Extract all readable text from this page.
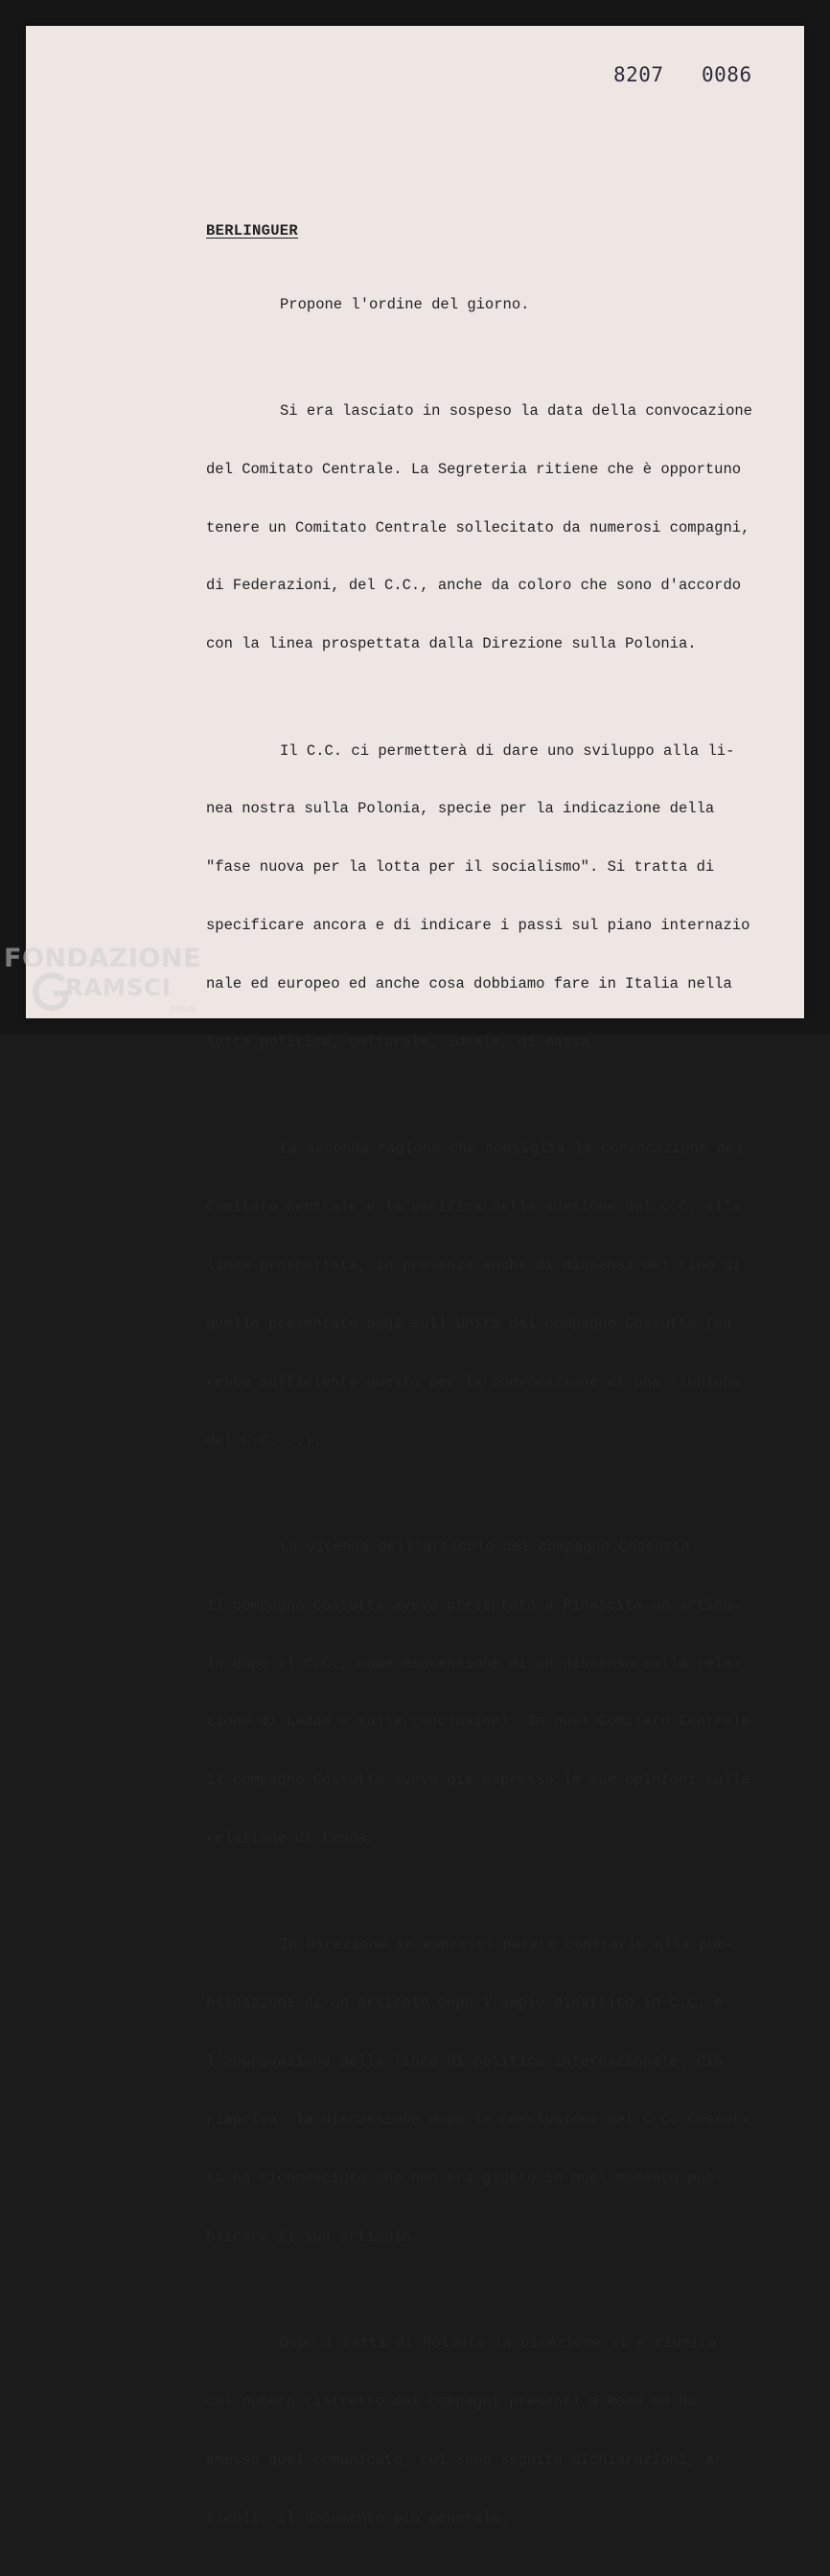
8207 0086
BERLINGUER

Propone l'ordine del giorno.

Si era lasciato in sospeso la data della convocazione

del Comitato Centrale. La Segreteria ritiene che è opportuno

tenere un Comitato Centrale sollecitato da numerosi compagni,

di Federazioni, del C.C., anche da coloro che sono d'accordo

con la linea prospettata dalla Direzione sulla Polonia.

Il C.C. ci permetterà di dare uno sviluppo alla li-

nea nostra sulla Polonia, specie per la indicazione della

"fase nuova per la lotta per il socialismo". Si tratta di

specificare ancora e di indicare i passi sul piano internazio

nale ed europeo ed anche cosa dobbiamo fare in Italia nella

lotta politica, culturale, ideale, di massa.

La seconda ragione che consiglia la convocazione del

Comitato Centrale è la verifica della adesione del C.C. alla

linea prospettata, in presenza anche di dissensi del tipo di

quello presentato oggi sull'Unità dal compagno Cossutta (sa-

rebbe sufficiente questo per la convocazione di una riunione

del C.C....).

La vicenda dell'articolo del compagno Cossutta.

Il compagno Cossutta aveva presentato a Rinascita un artico-

lo dopo il C.C., come espressione di un dissenso sulla rela-

zione di Ledda e sulle conclusioni. In quel Comitato Centrale

il compagno Cossutta aveva già espresso le sue opinioni sulla

relazione di Ledda.

In Direzione io espressi parere contrario alla pub-

blicazione di un articolo dopo l'ampio dibattito in C.C. e

l'approvazione della linea di politica internazionale. Ciò

riapriva  la discussione dopo le conclusioni del C.C. Cossut-

ta ha riconosciuto che non era giusto in quel momento pub-

blicare il suo articolo.

Dopo i fatti di Polonia la Direzione si è riunita

col numero ristretto dei compagni presenti a Roma ed ha

emesso quel comunicato, cui sono seguite dichiarazioni, ar-

ticoli, il documento più generale.

FONDAZIONE
RAMSCI
onlus
